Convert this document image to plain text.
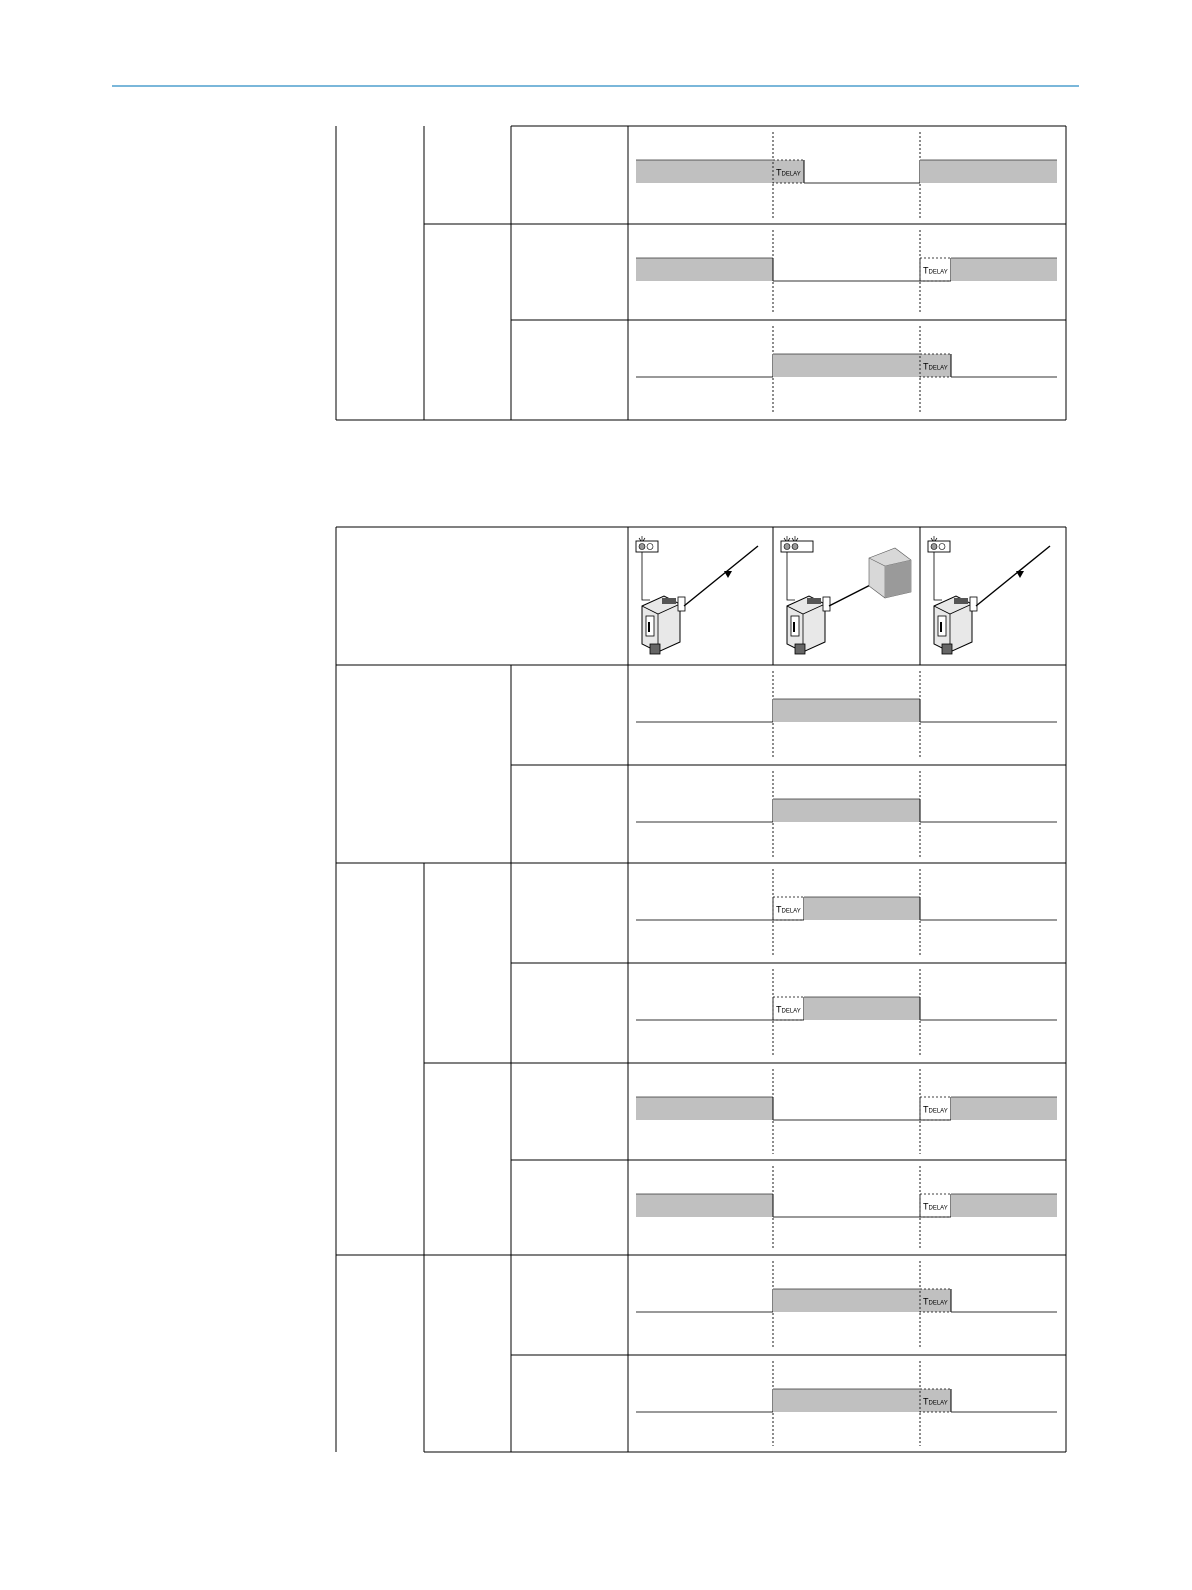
TDELAY
TDELAY
TDELAY
TDELAY
TDELAY
TDELAY
TDELAY
TDELAY
TDELAY
